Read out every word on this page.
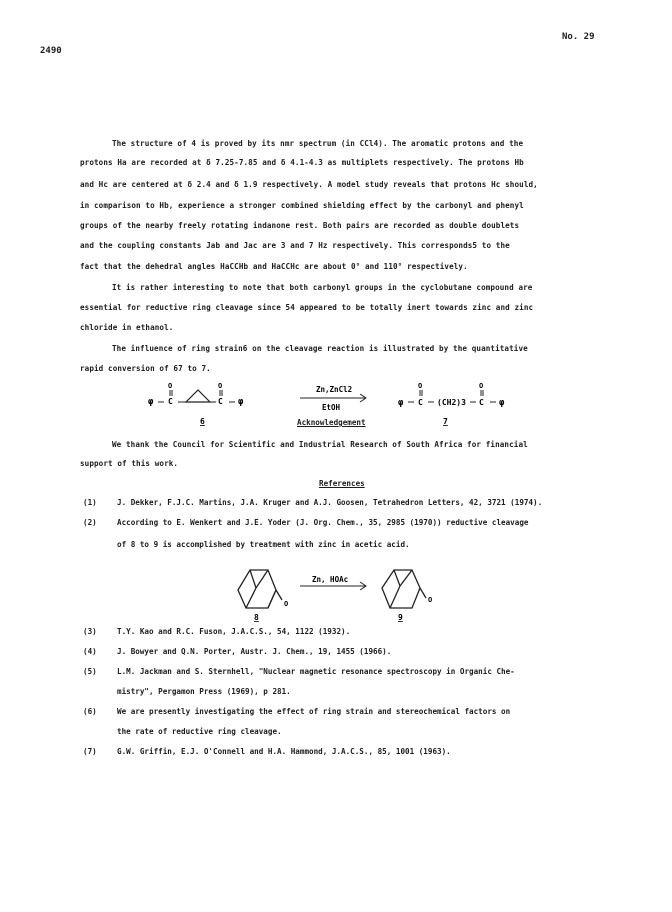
2490
No. 29
The structure of 4 is proved by its nmr spectrum (in CCl4). The aromatic protons and the
protons Ha are recorded at δ 7.25-7.85 and δ 4.1-4.3 as multiplets respectively. The protons Hb
and Hc are centered at δ 2.4 and δ 1.9 respectively. A model study reveals that protons Hc should,
in comparison to Hb, experience a stronger combined shielding effect by the carbonyl and phenyl
groups of the nearby freely rotating indanone rest. Both pairs are recorded as double doublets
and the coupling constants Jab and Jac are 3 and 7 Hz respectively. This corresponds5 to the
fact that the dehedral angles HaCCHb and HaCCHc are about 0° and 110° respectively.
It is rather interesting to note that both carbonyl groups in the cyclobutane compound are
essential for reductive ring cleavage since 54 appeared to be totally inert towards zinc and zinc
chloride in ethanol.
The influence of ring strain6 on the cleavage reaction is illustrated by the quantitative
rapid conversion of 67 to 7.
φ C
O
C
O
φ
6
Zn,ZnCl2
EtOH	φ C
O
(CH2)3 C
O
φ
7
Acknowledgement
We thank the Council for Scientific and Industrial Research of South Africa for financial
support of this work.
References
(1)	J. Dekker, F.J.C. Martins, J.A. Kruger and A.J. Goosen, Tetrahedron Letters, 42, 3721 (1974).
(2)	According to E. Wenkert and J.E. Yoder (J. Org. Chem., 35, 2985 (1970)) reductive cleavage
of 8 to 9 is accomplished by treatment with zinc in acetic acid.
O
8
Zn, HOAc
O
9
(3)	T.Y. Kao and R.C. Fuson, J.A.C.S., 54, 1122 (1932).
(4)	J. Bowyer and Q.N. Porter, Austr. J. Chem., 19, 1455 (1966).
(5)	L.M. Jackman and S. Sternhell, "Nuclear magnetic resonance spectroscopy in Organic Che-
mistry", Pergamon Press (1969), p 281.
(6)	We are presently investigating the effect of ring strain and stereochemical factors on
the rate of reductive ring cleavage.
(7)	G.W. Griffin, E.J. O'Connell and H.A. Hammond, J.A.C.S., 85, 1001 (1963).
